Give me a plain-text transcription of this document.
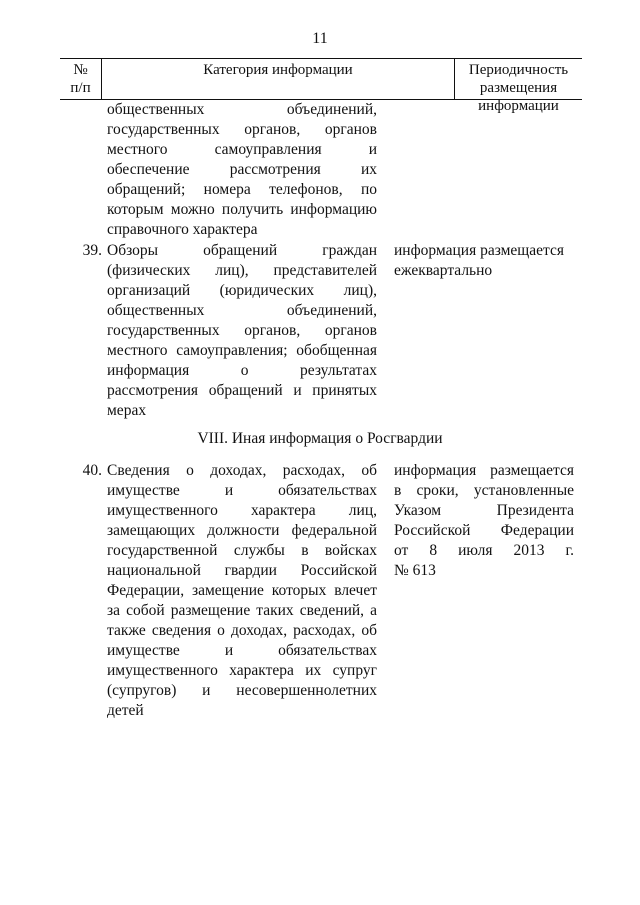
11
№
п/п
Категория информации	Периодичность
размещения информации
общественных объединений,
государственных органов, органов
местного самоуправления и
обеспечение рассмотрения их
обращений; номера телефонов, по
которым можно получить информацию
справочного характера
39. Обзоры обращений граждан
(физических лиц), представителей
организаций (юридических лиц),
общественных объединений,
государственных органов, органов
местного самоуправления; обобщенная
информация о результатах
рассмотрения обращений и принятых
мерах
информация размещается
ежеквартально
VIII. Иная информация о Росгвардии
40. Сведения о доходах, расходах, об
имуществе и обязательствах
имущественного характера лиц,
замещающих должности федеральной
государственной службы в войсках
национальной гвардии Российской
Федерации, замещение которых влечет
за собой размещение таких сведений, а
также сведения о доходах, расходах, об
имуществе и обязательствах
имущественного характера их супруг
(супругов) и несовершеннолетних
детей
информация размещается
в сроки, установленные
Указом Президента
Российской Федерации
от 8 июля 2013 г.
№ 613
